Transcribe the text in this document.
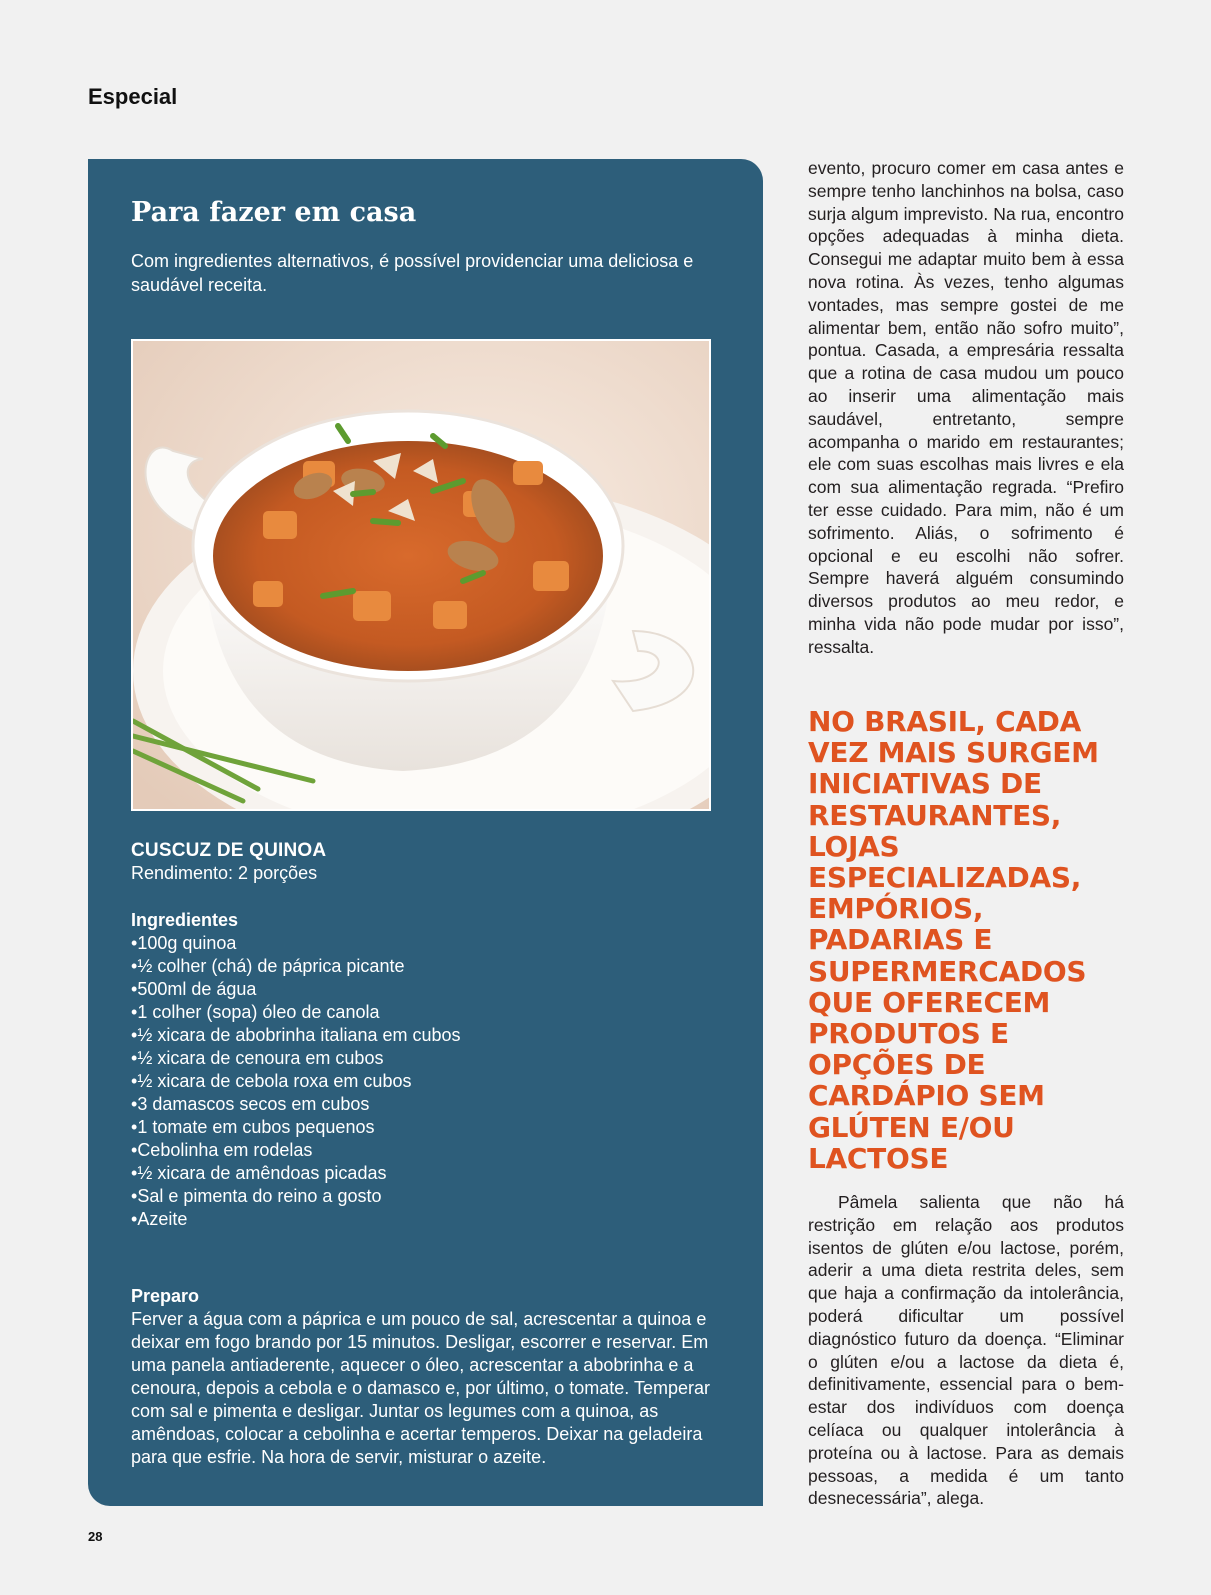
Especial
Para fazer em casa

Com ingredientes alternativos, é possível providenciar uma deliciosa e saudável receita.

CUSCUZ DE QUINOA
Rendimento: 2 porções
Ingredientes
• 100g quinoa
• ½ colher (chá) de páprica picante
• 500ml de água
• 1 colher (sopa) óleo de canola
• ½ xicara de abobrinha italiana em cubos
• ½ xicara de cenoura em cubos
• ½ xicara de cebola roxa em cubos
• 3 damascos secos em cubos
• 1 tomate em cubos pequenos
• Cebolinha em rodelas
• ½ xicara de amêndoas picadas
• Sal e pimenta do reino a gosto
• Azeite
Preparo
Ferver a água com a páprica e um pouco de sal, acrescentar a quinoa e deixar em fogo brando por 15 minutos. Desligar, escorrer e reservar. Em uma panela antiaderente, aquecer o óleo, acrescentar a abobrinha e a cenoura, depois a cebola e o damasco e, por último, o tomate. Temperar com sal e pimenta e desligar. Juntar os legumes com a quinoa, as amêndoas, colocar a cebolinha e acertar temperos. Deixar na geladeira para que esfrie. Na hora de servir, misturar o azeite.

evento, procuro comer em casa antes e sempre tenho lanchinhos na bolsa, caso surja algum imprevisto. Na rua, encontro opções adequadas à minha dieta. Consegui me adaptar muito bem à essa nova rotina. Às vezes, tenho algumas vontades, mas sempre gostei de me alimentar bem, então não sofro muito”, pontua. Casada, a empresária ressalta que a rotina de casa mudou um pouco ao inserir uma alimentação mais saudável, entretanto, sempre acompanha o marido em restaurantes; ele com suas escolhas mais livres e ela com sua alimentação regrada. “Prefiro ter esse cuidado. Para mim, não é um sofrimento. Aliás, o sofrimento é opcional e eu escolhi não sofrer. Sempre haverá alguém consumindo diversos produtos ao meu redor, e minha vida não pode mudar por isso”, ressalta.

NO BRASIL, CADA VEZ MAIS SURGEM INICIATIVAS DE RESTAURANTES, LOJAS ESPECIALIZADAS, EMPÓRIOS, PADARIAS E SUPERMERCADOS QUE OFERECEM PRODUTOS E OPÇÕES DE CARDÁPIO SEM GLÚTEN E/OU LACTOSE

Pâmela salienta que não há restrição em relação aos produtos isentos de glúten e/ou lactose, porém, aderir a uma dieta restrita deles, sem que haja a confirmação da intolerância, poderá dificultar um possível diagnóstico futuro da doença. “Eliminar o glúten e/ou a lactose da dieta é, definitivamente, essencial para o bem-estar dos indivíduos com doença celíaca ou qualquer intolerância à proteína ou à lactose. Para as demais pessoas, a medida é um tanto desnecessária”, alega.

28
